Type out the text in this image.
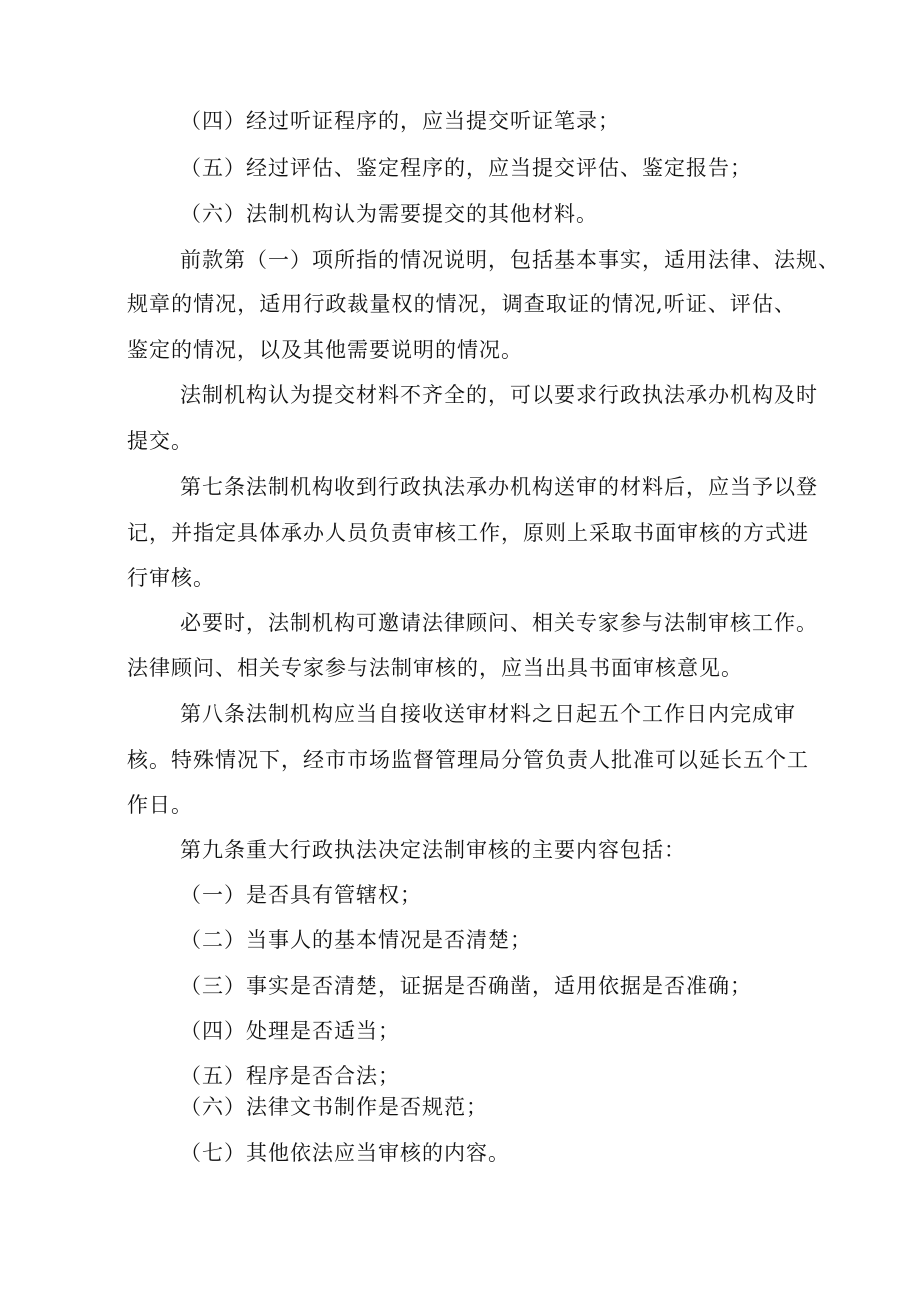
（四）经过听证程序的，应当提交听证笔录；
（五）经过评估、鉴定程序的，应当提交评估、鉴定报告；
（六）法制机构认为需要提交的其他材料。
前款第（一）项所指的情况说明，包括基本事实，适用法律、法规、
规章的情况，适用行政裁量权的情况，调查取证的情况,听证、评估、
鉴定的情况，以及其他需要说明的情况。
法制机构认为提交材料不齐全的，可以要求行政执法承办机构及时
提交。
第七条法制机构收到行政执法承办机构送审的材料后，应当予以登
记，并指定具体承办人员负责审核工作，原则上采取书面审核的方式进
行审核。
必要时，法制机构可邀请法律顾问、相关专家参与法制审核工作。
法律顾问、相关专家参与法制审核的，应当出具书面审核意见。
第八条法制机构应当自接收送审材料之日起五个工作日内完成审
核。特殊情况下，经市市场监督管理局分管负责人批准可以延长五个工
作日。
第九条重大行政执法决定法制审核的主要内容包括：
（一）是否具有管辖权；
（二）当事人的基本情况是否清楚；
（三）事实是否清楚，证据是否确凿，适用依据是否准确；
（四）处理是否适当；
（五）程序是否合法；
（六）法律文书制作是否规范；
（七）其他依法应当审核的内容。
